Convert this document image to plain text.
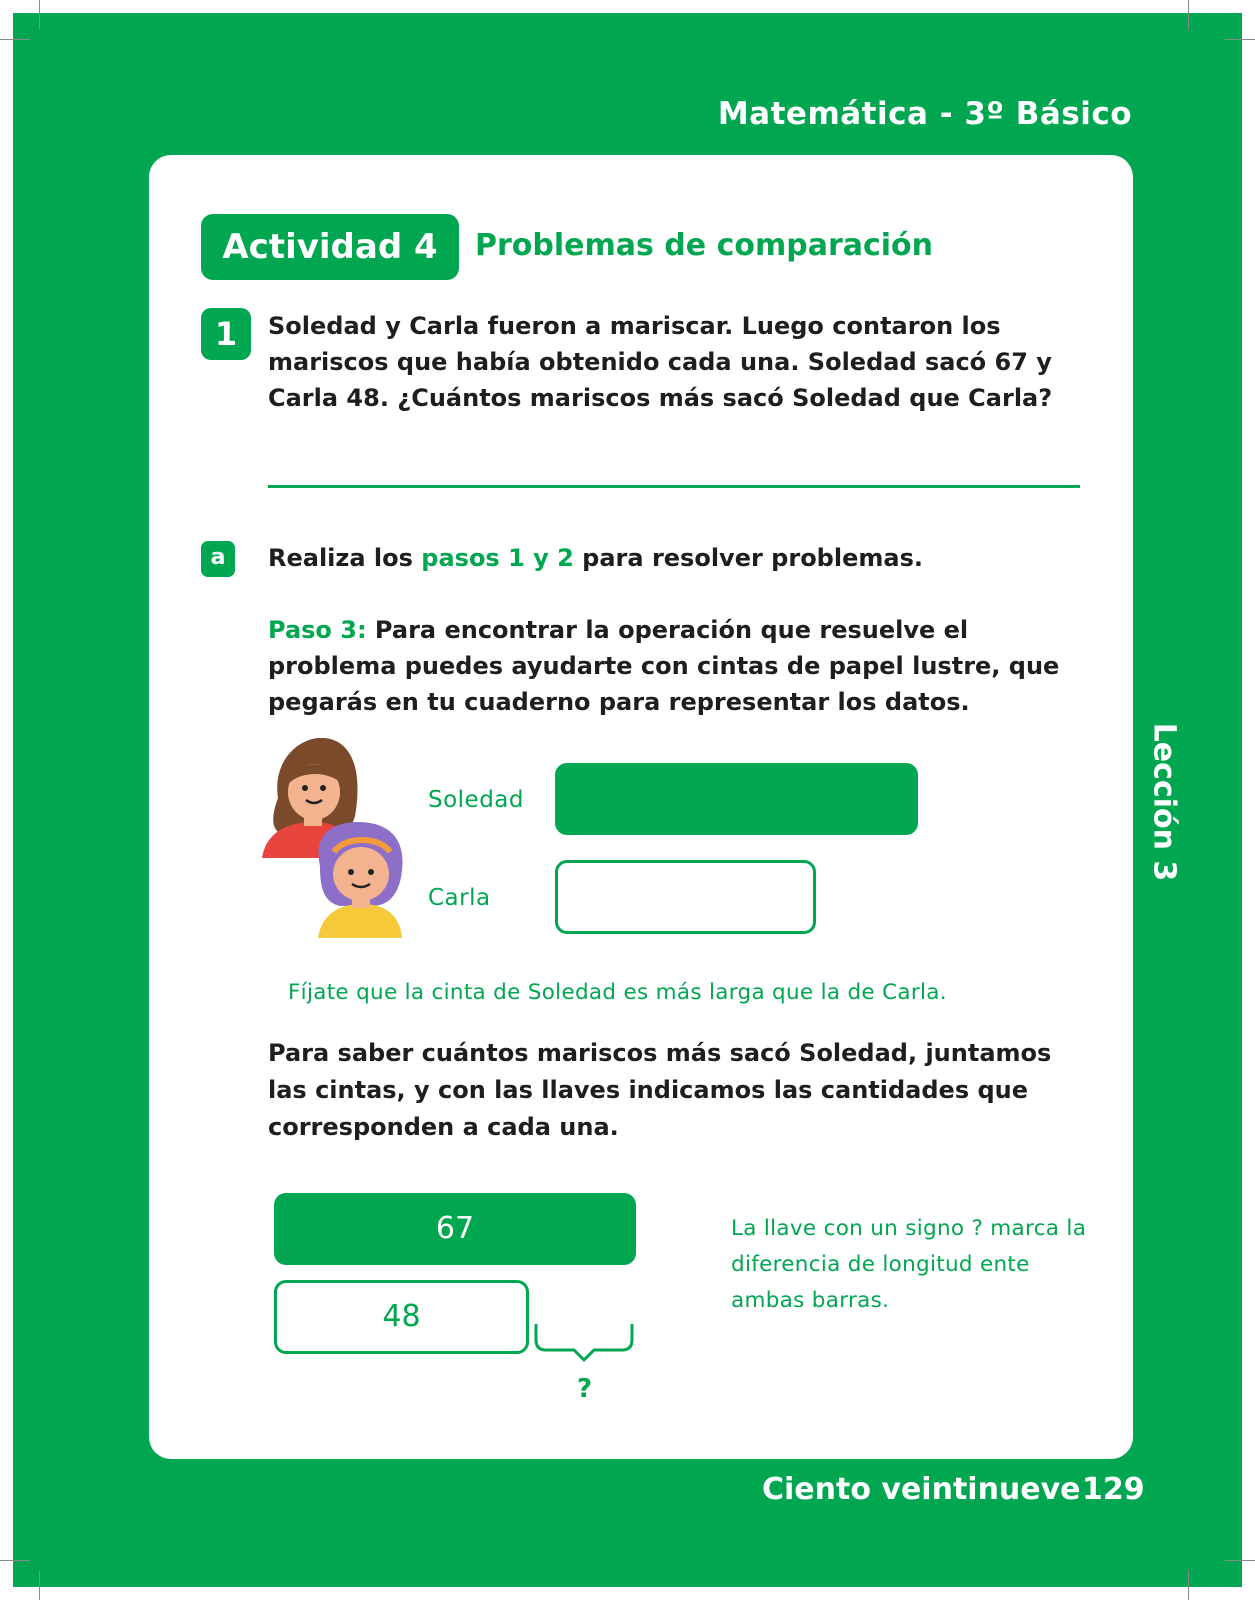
Matemática - 3º Básico
Actividad 4	Problemas de comparación
1	Soledad y Carla fueron a mariscar. Luego contaron los mariscos que había obtenido cada una. Soledad sacó 67 y Carla 48. ¿Cuántos mariscos más sacó Soledad que Carla?
a	Realiza los pasos 1 y 2 para resolver problemas.
Paso 3: Para encontrar la operación que resuelve el problema puedes ayudarte con cintas de papel lustre, que pegarás en tu cuaderno para representar los datos.
Soledad
Carla
Fíjate que la cinta de Soledad es más larga que la de Carla.
Para saber cuántos mariscos más sacó Soledad, juntamos las cintas, y con las llaves indicamos las cantidades que corresponden a cada una.
67
48
?
La llave con un signo ? marca la diferencia de longitud ente ambas barras.
Lección 3
Ciento veintinueve 129
